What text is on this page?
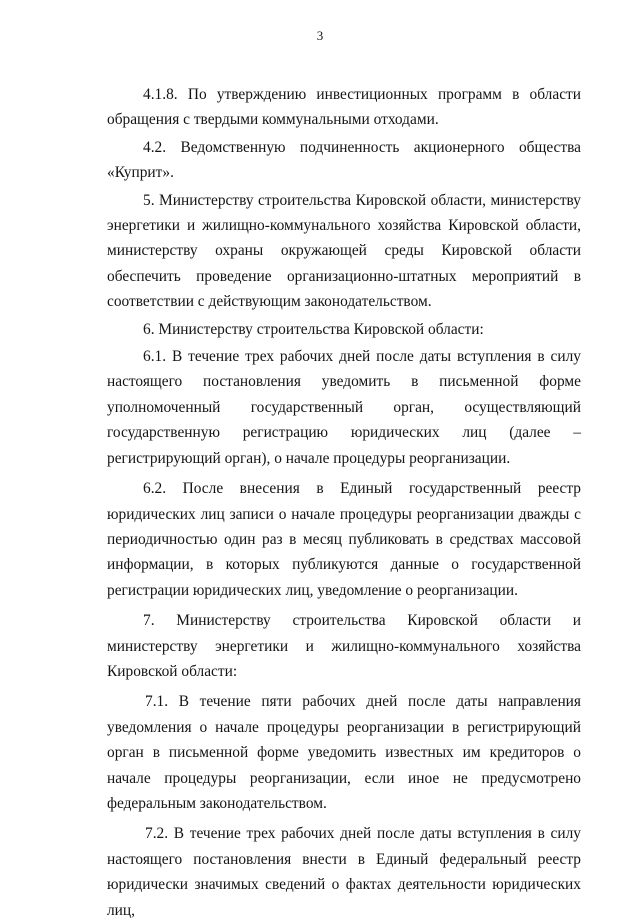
3

4.1.8. По утверждению инвестиционных программ в области обращения с твердыми коммунальными отходами.

4.2. Ведомственную подчиненность акционерного общества «Куприт».

5. Министерству строительства Кировской области, министерству энергетики и жилищно-коммунального хозяйства Кировской области, министерству охраны окружающей среды Кировской области обеспечить проведение организационно-штатных мероприятий в соответствии с действующим законодательством.

6. Министерству строительства Кировской области:

6.1. В течение трех рабочих дней после даты вступления в силу настоящего постановления уведомить в письменной форме уполномоченный государственный орган, осуществляющий государственную регистрацию юридических лиц (далее – регистрирующий орган), о начале процедуры реорганизации.

6.2. После внесения в Единый государственный реестр юридических лиц записи о начале процедуры реорганизации дважды с периодичностью один раз в месяц публиковать в средствах массовой информации, в которых публикуются данные о государственной регистрации юридических лиц, уведомление о реорганизации.

7. Министерству строительства Кировской области и министерству энергетики и жилищно-коммунального хозяйства Кировской области:

7.1. В течение пяти рабочих дней после даты направления уведомления о начале процедуры реорганизации в регистрирующий орган в письменной форме уведомить известных им кредиторов о начале процедуры реорганизации, если иное не предусмотрено федеральным законодательством.

7.2. В течение трех рабочих дней после даты вступления в силу настоящего постановления внести в Единый федеральный реестр юридически значимых сведений о фактах деятельности юридических лиц,
